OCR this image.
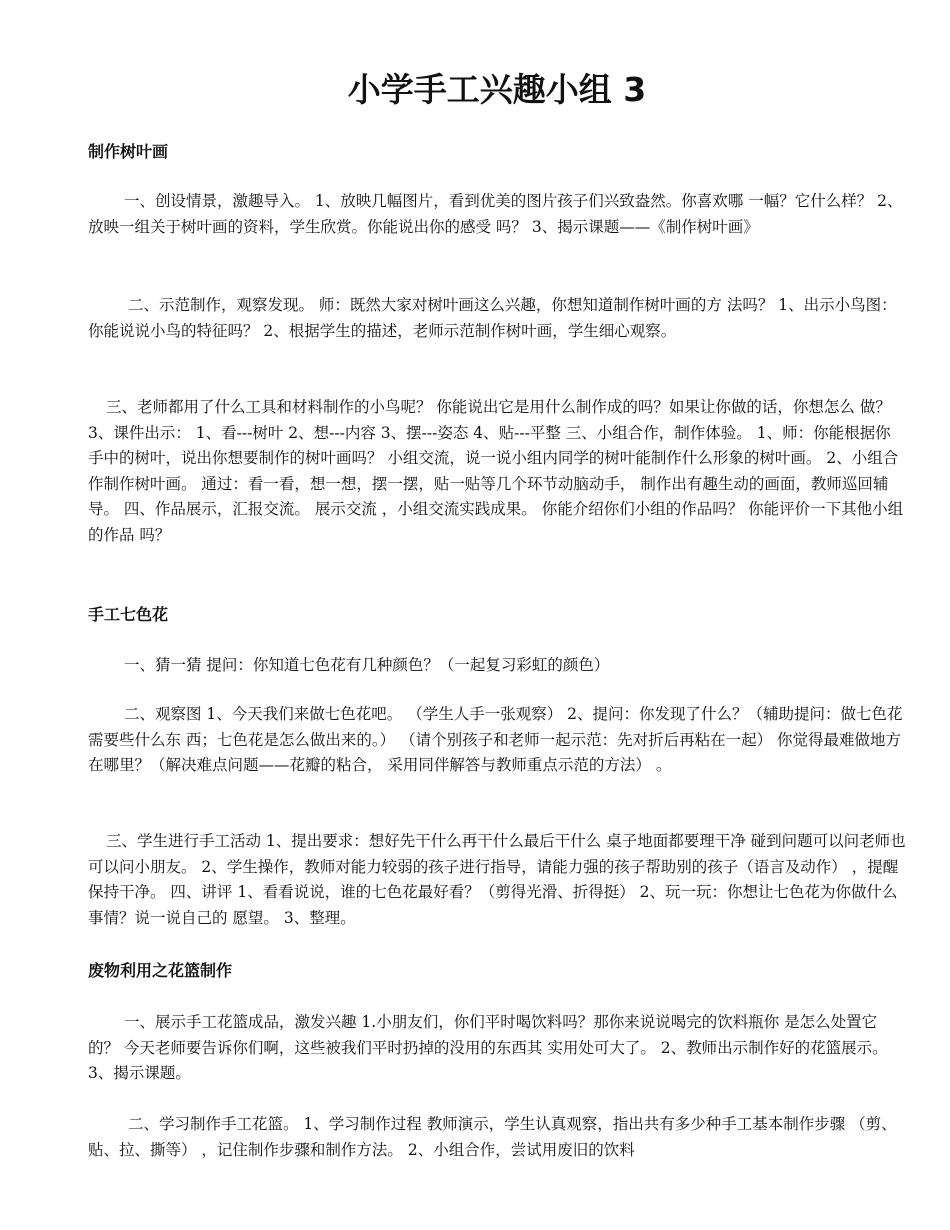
小学手工兴趣小组 3
制作树叶画

一、创设情景，激趣导入。 1、放映几幅图片，看到优美的图片孩子们兴致盎然。你喜欢哪 一幅？它什么样？ 2、放映一组关于树叶画的资料，学生欣赏。你能说出你的感受 吗？ 3、揭示课题——《制作树叶画》

二、示范制作，观察发现。 师：既然大家对树叶画这么兴趣，你想知道制作树叶画的方 法吗？ 1、出示小鸟图：你能说说小鸟的特征吗？ 2、根据学生的描述，老师示范制作树叶画，学生细心观察。

三、老师都用了什么工具和材料制作的小鸟呢？ 你能说出它是用什么制作成的吗？如果让你做的话，你想怎么 做？ 3、课件出示： 1、看---树叶 2、想---内容 3、摆---姿态 4、贴---平整 三、小组合作，制作体验。 1、师：你能根据你手中的树叶，说出你想要制作的树叶画吗？ 小组交流，说一说小组内同学的树叶能制作什么形象的树叶画。 2、小组合作制作树叶画。 通过：看一看，想一想，摆一摆，贴一贴等几个环节动脑动手， 制作出有趣生动的画面，教师巡回辅导。 四、作品展示，汇报交流。 展示交流 ，小组交流实践成果。 你能介绍你们小组的作品吗？ 你能评价一下其他小组的作品 吗？

手工七色花

一、猜一猜 提问：你知道七色花有几种颜色？（一起复习彩虹的颜色）

二、观察图 1、今天我们来做七色花吧。 （学生人手一张观察） 2、提问：你发现了什么？（辅助提问：做七色花需要些什么东 西；七色花是怎么做出来的。） （请个别孩子和老师一起示范：先对折后再粘在一起） 你觉得最难做地方在哪里？（解决难点问题——花瓣的粘合， 采用同伴解答与教师重点示范的方法） 。

三、学生进行手工活动 1、提出要求：想好先干什么再干什么最后干什么 桌子地面都要理干净 碰到问题可以问老师也可以问小朋友。 2、学生操作，教师对能力较弱的孩子进行指导，请能力强的孩子帮助别的孩子（语言及动作） ，提醒保持干净。 四、讲评 1、看看说说，谁的七色花最好看？（剪得光滑、折得挺） 2、玩一玩：你想让七色花为你做什么事情？说一说自己的 愿望。 3、整理。

废物利用之花篮制作

一、展示手工花篮成品，激发兴趣 1.小朋友们，你们平时喝饮料吗？那你来说说喝完的饮料瓶你 是怎么处置它的？ 今天老师要告诉你们啊，这些被我们平时扔掉的没用的东西其 实用处可大了。 2、教师出示制作好的花篮展示。 3、揭示课题。

二、学习制作手工花篮。 1、学习制作过程 教师演示，学生认真观察，指出共有多少种手工基本制作步骤 （剪、贴、拉、撕等） ，记住制作步骤和制作方法。 2、小组合作，尝试用废旧的饮料
